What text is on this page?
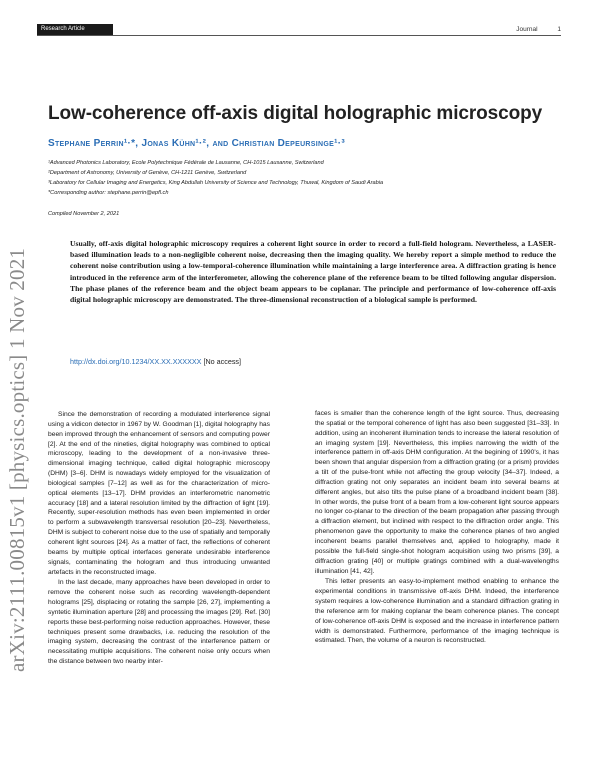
Research Article	Journal	1
arXiv:2111.00815v1 [physics.optics] 1 Nov 2021
Low-coherence off-axis digital holographic microscopy
Stephane Perrin¹·*, Jonas Kühn¹·², and Christian Depeursinge¹·³
¹Advanced Photonics Laboratory, Ecole Polytechnique Fédérale de Lausanne, CH-1015 Lausanne, Switzerland
²Department of Astronomy, University of Genève, CH-1211 Genève, Switzerland
³Laboratory for Cellular Imaging and Energetics, King Abdullah University of Science and Technology, Thuwal, Kingdom of Saudi Arabia
*Corresponding author: stephane.perrin@epfl.ch
Compiled November 2, 2021
Usually, off-axis digital holographic microscopy requires a coherent light source in order to record a full-field hologram. Nevertheless, a LASER-based illumination leads to a non-negligible coherent noise, decreasing then the imaging quality. We hereby report a simple method to reduce the coherent noise contribution using a low-temporal-coherence illumination while maintaining a large interference area. A diffraction grating is hence introduced in the reference arm of the interferometer, allowing the coherence plane of the reference beam to be tilted following angular dispersion. The phase planes of the reference beam and the object beam appears to be coplanar. The principle and performance of low-coherence off-axis digital holographic microscopy are demonstrated. The three-dimensional reconstruction of a biological sample is performed.
http://dx.doi.org/10.1234/XX.XX.XXXXXX [No access]

Since the demonstration of recording a modulated interference signal using a vidicon detector in 1967 by W. Goodman [1], digital holography has been improved through the enhancement of sensors and computing power [2]. At the end of the nineties, digital holography was combined to optical microscopy, leading to the development of a non-invasive three-dimensional imaging technique, called digital holographic microscopy (DHM) [3–6]. DHM is nowadays widely employed for the visualization of biological samples [7–12] as well as for the characterization of micro-optical elements [13–17]. DHM provides an interferometric nanometric accuracy [18] and a lateral resolution limited by the diffraction of light [19]. Recently, super-resolution methods has even been implemented in order to perform a subwavelength transversal resolution [20–23]. Nevertheless, DHM is subject to coherent noise due to the use of spatially and temporally coherent light sources [24]. As a matter of fact, the reflections of coherent beams by multiple optical interfaces generate undesirable interference signals, contaminating the hologram and thus introducing unwanted artefacts in the reconstructed image.

In the last decade, many approaches have been developed in order to remove the coherent noise such as recording wavelength-dependent holograms [25], displacing or rotating the sample [26, 27], implementing a syntetic illumination aperture [28] and processing the images [29]. Ref. [30] reports these best-performing noise reduction approaches. However, these techniques present some drawbacks, i.e. reducing the resolution of the imaging system, decreasing the contrast of the interference pattern or necessitating multiple acquisitions. The coherent noise only occurs when the distance between two nearby inter-

faces is smaller than the coherence length of the light source. Thus, decreasing the spatial or the temporal coherence of light has also been suggested [31–33]. In addition, using an incoherent illumination tends to increase the lateral resolution of an imaging system [19]. Nevertheless, this implies narrowing the width of the interference pattern in off-axis DHM configuration. At the begining of 1990's, it has been shown that angular dispersion from a diffraction grating (or a prism) provides a tilt of the pulse-front while not affecting the group velocity [34–37]. Indeed, a diffraction grating not only separates an incident beam into several beams at different angles, but also tilts the pulse plane of a broadband incident beam [38]. In other words, the pulse front of a beam from a low-coherent light source appears no longer co-planar to the direction of the beam propagation after passing through a diffraction element, but inclined with respect to the diffraction order angle. This phenomenon gave the opportunity to make the coherence planes of two angled incoherent beams parallel themselves and, applied to holography, made it possible the full-field single-shot hologram acquisition using two prisms [39], a diffraction grating [40] or multiple gratings combined with a dual-wavelengths illumination [41, 42].

This letter presents an easy-to-implement method enabling to enhance the experimental conditions in transmissive off-axis DHM. Indeed, the interference system requires a low-coherence illumination and a standard diffraction grating in the reference arm for making coplanar the beam coherence planes. The concept of low-coherence off-axis DHM is exposed and the increase in interference pattern width is demonstrated. Furthermore, performance of the imaging technique is estimated. Then, the volume of a neuron is reconstructed.
